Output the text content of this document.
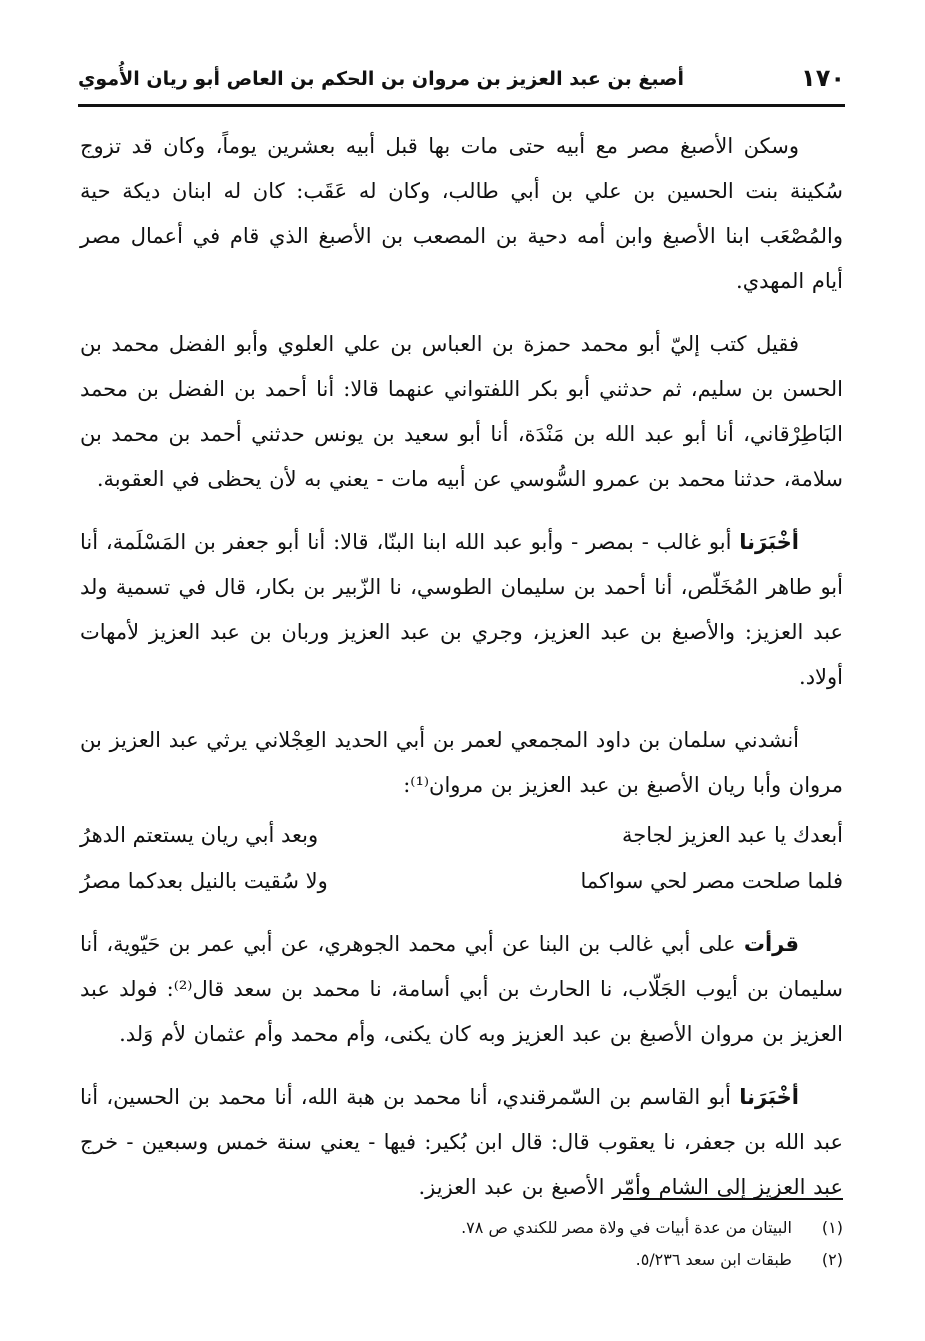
١٧٠
أصبغ بن عبد العزيز بن مروان بن الحكم بن العاص أبو ريان الأُموي
وسكن الأصبغ مصر مع أبيه حتى مات بها قبل أبيه بعشرين يوماً، وكان قد تزوج سُكينة بنت الحسين بن علي بن أبي طالب، وكان له عَقَب: كان له ابنان ديكة حية والمُصْعَب ابنا الأصبغ وابن أمه دحية بن المصعب بن الأصبغ الذي قام في أعمال مصر أيام المهدي.
فقيل كتب إليّ أبو محمد حمزة بن العباس بن علي العلوي وأبو الفضل محمد بن الحسن بن سليم، ثم حدثني أبو بكر اللفتواني عنهما قالا: أنا أحمد بن الفضل بن محمد البَاطِرْقاني، أنا أبو عبد الله بن مَنْدَة، أنا أبو سعيد بن يونس حدثني أحمد بن محمد بن سلامة، حدثنا محمد بن عمرو السُّوسي عن أبيه مات - يعني به لأن يحظى في العقوبة.
أخْبَرَنا أبو غالب - بمصر - وأبو عبد الله ابنا البنّا، قالا: أنا أبو جعفر بن المَسْلَمة، أنا أبو طاهر المُخَلّص، أنا أحمد بن سليمان الطوسي، نا الزّبير بن بكار، قال في تسمية ولد عبد العزيز: والأصبغ بن عبد العزيز، وجري بن عبد العزيز وربان بن عبد العزيز لأمهات أولاد.
أنشدني سلمان بن داود المجمعي لعمر بن أبي الحديد العِجْلاني يرثي عبد العزيز بن مروان وأبا ريان الأصبغ بن عبد العزيز بن مروان⁽¹⁾:
أبعدك يا عبد العزيز لجاجة
وبعد أبي ريان يستعتم الدهرُ
فلما صلحت مصر لحي سواكما
ولا سُقيت بالنيل بعدكما مصرُ
قرأت على أبي غالب بن البنا عن أبي محمد الجوهري، عن أبي عمر بن حَيّوية، أنا سليمان بن أيوب الجَلّاب، نا الحارث بن أبي أسامة، نا محمد بن سعد قال⁽²⁾: فولد عبد العزيز بن مروان الأصبغ بن عبد العزيز وبه كان يكنى، وأم محمد وأم عثمان لأم وَلد.
أخْبَرَنا أبو القاسم بن السّمرقندي، أنا محمد بن هبة الله، أنا محمد بن الحسين، أنا عبد الله بن جعفر، نا يعقوب قال: قال ابن بُكير: فيها - يعني سنة خمس وسبعين - خرج عبد العزيز إلى الشام وأمّر الأصبغ بن عبد العزيز.
(١) البيتان من عدة أبيات في ولاة مصر للكندي ص ٧٨.
(٢) طبقات ابن سعد ٥/٢٣٦.
